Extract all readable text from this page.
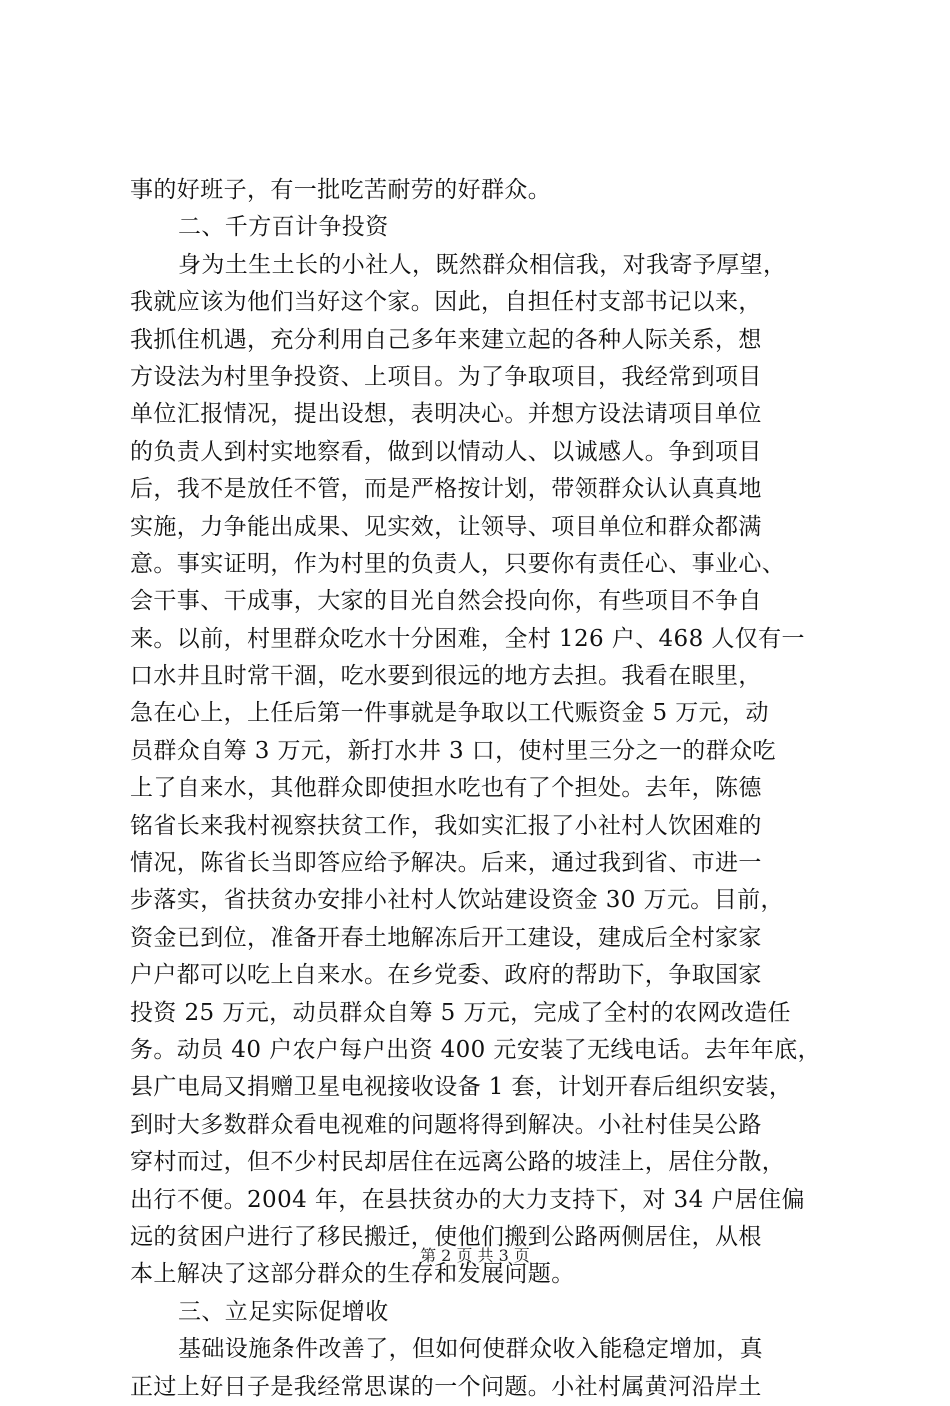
事的好班子，有一批吃苦耐劳的好群众。
二、千方百计争投资
身为土生土长的小社人，既然群众相信我，对我寄予厚望，
我就应该为他们当好这个家。因此，自担任村支部书记以来，
我抓住机遇，充分利用自己多年来建立起的各种人际关系，想
方设法为村里争投资、上项目。为了争取项目，我经常到项目
单位汇报情况，提出设想，表明决心。并想方设法请项目单位
的负责人到村实地察看，做到以情动人、以诚感人。争到项目
后，我不是放任不管，而是严格按计划，带领群众认认真真地
实施，力争能出成果、见实效，让领导、项目单位和群众都满
意。事实证明，作为村里的负责人，只要你有责任心、事业心、
会干事、干成事，大家的目光自然会投向你，有些项目不争自
来。以前，村里群众吃水十分困难，全村 126 户、468 人仅有一
口水井且时常干涸，吃水要到很远的地方去担。我看在眼里，
急在心上，上任后第一件事就是争取以工代赈资金 5 万元，动
员群众自筹 3 万元，新打水井 3 口，使村里三分之一的群众吃
上了自来水，其他群众即使担水吃也有了个担处。去年，陈德
铭省长来我村视察扶贫工作，我如实汇报了小社村人饮困难的
情况，陈省长当即答应给予解决。后来，通过我到省、市进一
步落实，省扶贫办安排小社村人饮站建设资金 30 万元。目前，
资金已到位，准备开春土地解冻后开工建设，建成后全村家家
户户都可以吃上自来水。在乡党委、政府的帮助下，争取国家
投资 25 万元，动员群众自筹 5 万元，完成了全村的农网改造任
务。动员 40 户农户每户出资 400 元安装了无线电话。去年年底，
县广电局又捐赠卫星电视接收设备 1 套，计划开春后组织安装，
到时大多数群众看电视难的问题将得到解决。小社村佳吴公路
穿村而过，但不少村民却居住在远离公路的坡洼上，居住分散，
出行不便。2004 年，在县扶贫办的大力支持下，对 34 户居住偏
远的贫困户进行了移民搬迁，使他们搬到公路两侧居住，从根
本上解决了这部分群众的生存和发展问题。
三、立足实际促增收
基础设施条件改善了，但如何使群众收入能稳定增加，真
正过上好日子是我经常思谋的一个问题。小社村属黄河沿岸土
第 2 页 共 3 页
